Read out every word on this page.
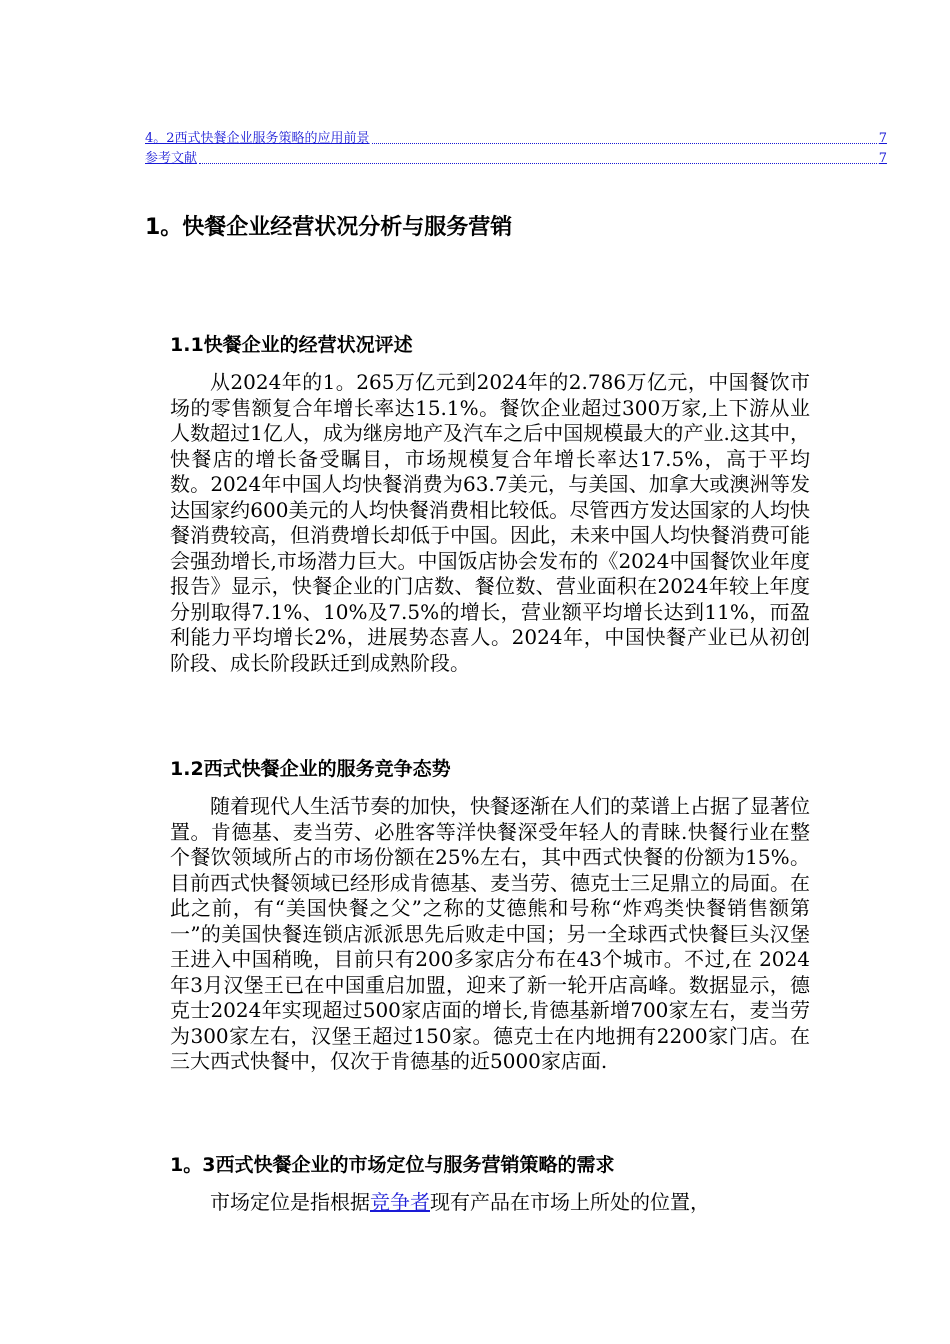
4。2西式快餐企业服务策略的应用前景	7
参考文献	7
1。快餐企业经营状况分析与服务营销
1.1快餐企业的经营状况评述

从2024年的1。265万亿元到2024年的2.786万亿元，中国餐饮市场的零售额复合年增长率达15.1%。餐饮企业超过300万家,上下游从业人数超过1亿人，成为继房地产及汽车之后中国规模最大的产业.这其中，快餐店的增长备受瞩目，市场规模复合年增长率达17.5%，高于平均数。2024年中国人均快餐消费为63.7美元，与美国、加拿大或澳洲等发达国家约600美元的人均快餐消费相比较低。尽管西方发达国家的人均快餐消费较高，但消费增长却低于中国。因此，未来中国人均快餐消费可能会强劲增长,市场潜力巨大。中国饭店协会发布的《2024中国餐饮业年度报告》显示，快餐企业的门店数、餐位数、营业面积在2024年较上年度分别取得7.1%、10%及7.5%的增长，营业额平均增长达到11%，而盈利能力平均增长2%，进展势态喜人。2024年，中国快餐产业已从初创阶段、成长阶段跃迁到成熟阶段。

1.2西式快餐企业的服务竞争态势

随着现代人生活节奏的加快，快餐逐渐在人们的菜谱上占据了显著位置。肯德基、麦当劳、必胜客等洋快餐深受年轻人的青睐.快餐行业在整个餐饮领域所占的市场份额在25%左右，其中西式快餐的份额为15%。目前西式快餐领域已经形成肯德基、麦当劳、德克士三足鼎立的局面。在此之前，有“美国快餐之父”之称的艾德熊和号称“炸鸡类快餐销售额第一”的美国快餐连锁店派派思先后败走中国；另一全球西式快餐巨头汉堡王进入中国稍晚，目前只有200多家店分布在43个城市。不过,在 2024年3月汉堡王已在中国重启加盟，迎来了新一轮开店高峰。数据显示，德克士2024年实现超过500家店面的增长,肯德基新增700家左右，麦当劳为300家左右，汉堡王超过150家。德克士在内地拥有2200家门店。在三大西式快餐中，仅次于肯德基的近5000家店面.

1。3西式快餐企业的市场定位与服务营销策略的需求

市场定位是指根据竞争者现有产品在市场上所处的位置，
